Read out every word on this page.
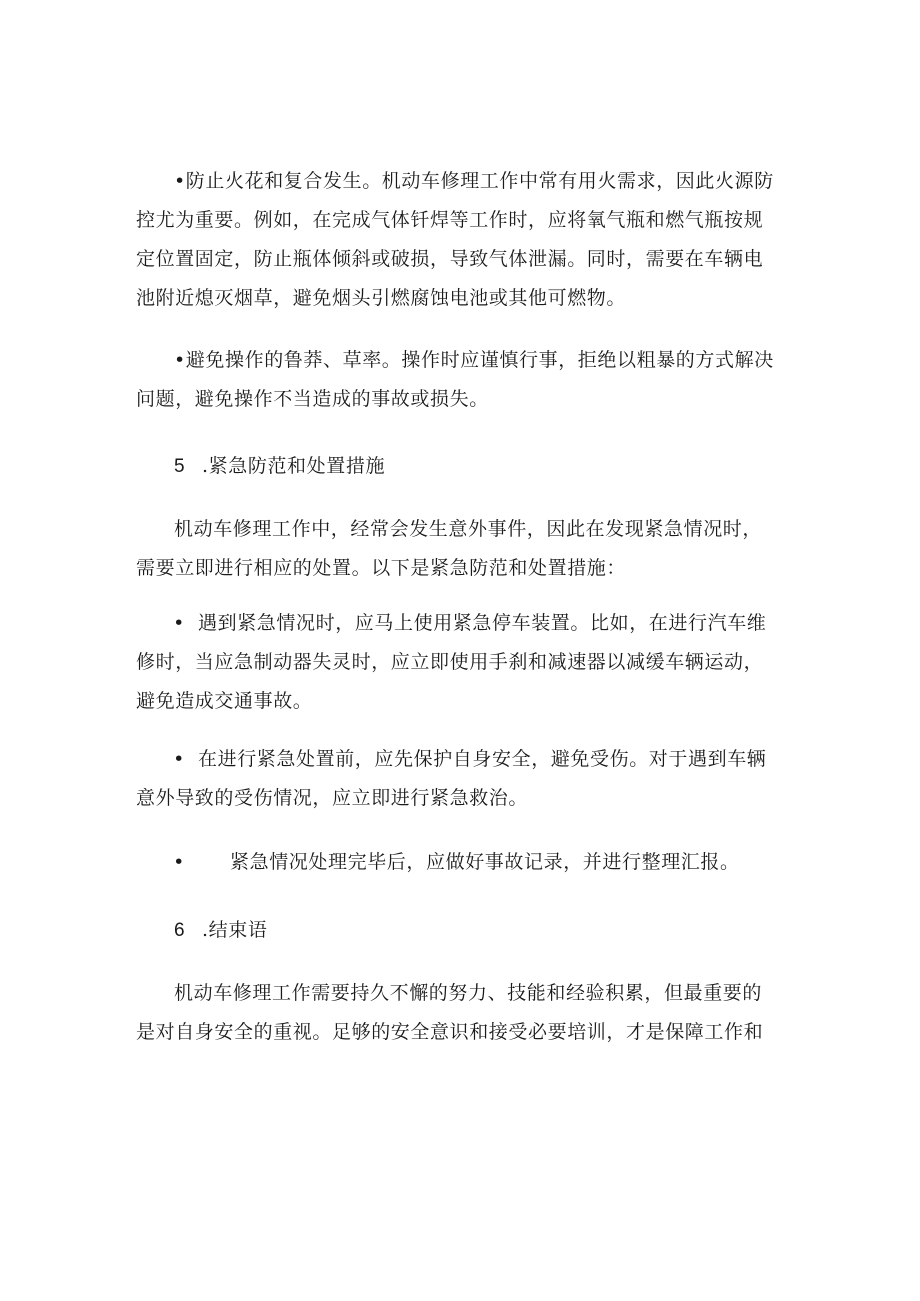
•防止火花和复合发生。机动车修理工作中常有用火需求，因此火源防
控尤为重要。例如，在完成气体钎焊等工作时，应将氧气瓶和燃气瓶按规
定位置固定，防止瓶体倾斜或破损，导致气体泄漏。同时，需要在车辆电
池附近熄灭烟草，避免烟头引燃腐蚀电池或其他可燃物。

•避免操作的鲁莽、草率。操作时应谨慎行事，拒绝以粗暴的方式解决
问题，避免操作不当造成的事故或损失。

5 .紧急防范和处置措施

机动车修理工作中，经常会发生意外事件，因此在发现紧急情况时，
需要立即进行相应的处置。以下是紧急防范和处置措施：

• 遇到紧急情况时，应马上使用紧急停车装置。比如，在进行汽车维
修时，当应急制动器失灵时，应立即使用手刹和减速器以减缓车辆运动，
避免造成交通事故。

• 在进行紧急处置前，应先保护自身安全，避免受伤。对于遇到车辆
意外导致的受伤情况，应立即进行紧急救治。

• 紧急情况处理完毕后，应做好事故记录，并进行整理汇报。

6 .结束语

机动车修理工作需要持久不懈的努力、技能和经验积累，但最重要的
是对自身安全的重视。足够的安全意识和接受必要培训，才是保障工作和
